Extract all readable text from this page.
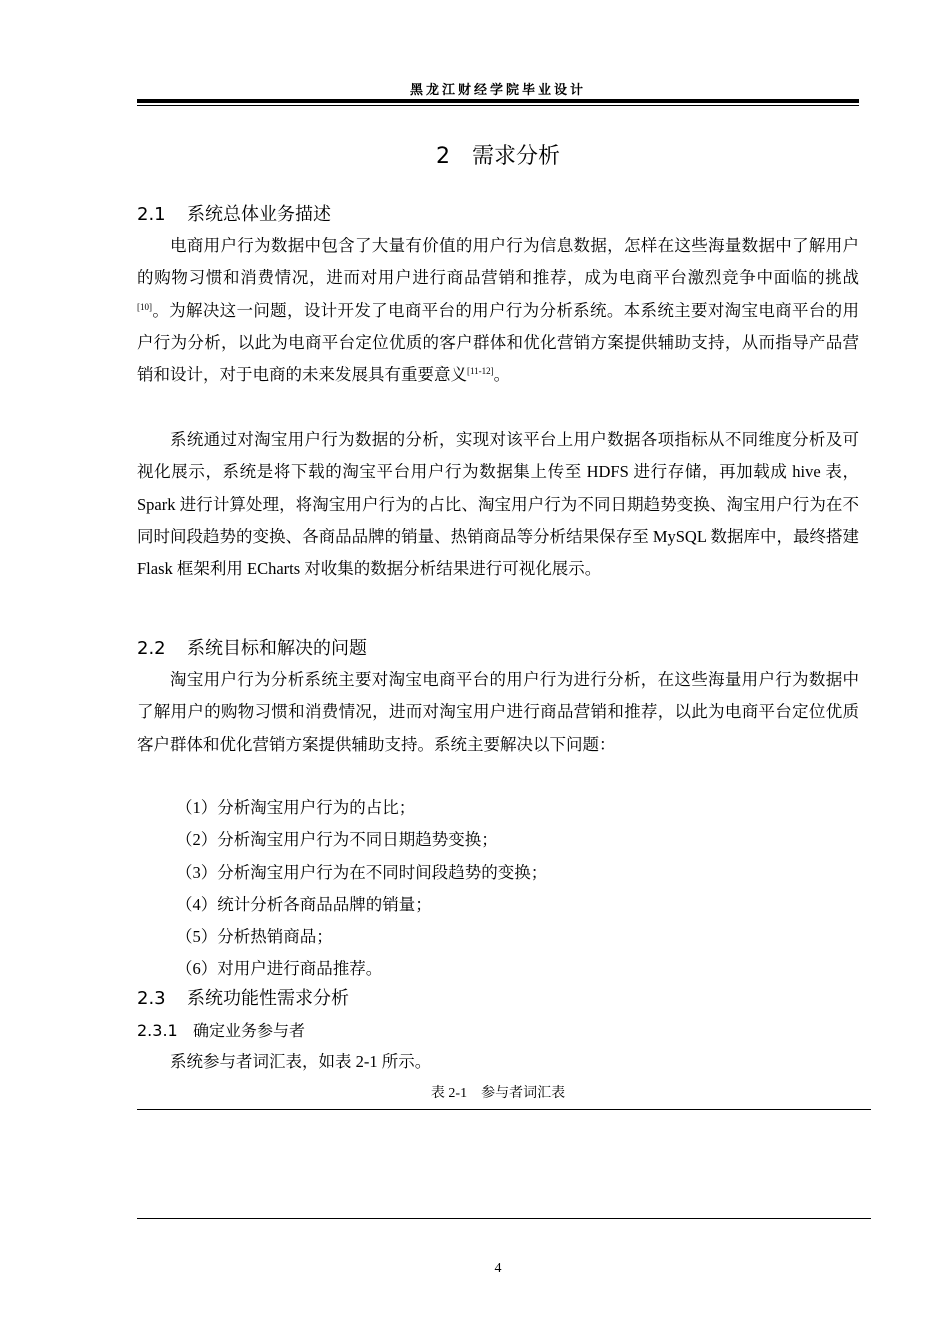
黑龙江财经学院毕业设计
2 需求分析
2.1 系统总体业务描述

电商用户行为数据中包含了大量有价值的用户行为信息数据，怎样在这些海量数据中了解用户的购物习惯和消费情况，进而对用户进行商品营销和推荐，成为电商平台激烈竞争中面临的挑战[10]。为解决这一问题，设计开发了电商平台的用户行为分析系统。本系统主要对淘宝电商平台的用户行为分析，以此为电商平台定位优质的客户群体和优化营销方案提供辅助支持，从而指导产品营销和设计，对于电商的未来发展具有重要意义[11-12]。

系统通过对淘宝用户行为数据的分析，实现对该平台上用户数据各项指标从不同维度分析及可视化展示，系统是将下载的淘宝平台用户行为数据集上传至 HDFS 进行存储，再加载成 hive 表，Spark 进行计算处理，将淘宝用户行为的占比、淘宝用户行为不同日期趋势变换、淘宝用户行为在不同时间段趋势的变换、各商品品牌的销量、热销商品等分析结果保存至 MySQL 数据库中，最终搭建 Flask 框架利用 ECharts 对收集的数据分析结果进行可视化展示。

2.2 系统目标和解决的问题

淘宝用户行为分析系统主要对淘宝电商平台的用户行为进行分析，在这些海量用户行为数据中了解用户的购物习惯和消费情况，进而对淘宝用户进行商品营销和推荐，以此为电商平台定位优质客户群体和优化营销方案提供辅助支持。系统主要解决以下问题：

（1）分析淘宝用户行为的占比；
（2）分析淘宝用户行为不同日期趋势变换；
（3）分析淘宝用户行为在不同时间段趋势的变换；
（4）统计分析各商品品牌的销量；
（5）分析热销商品；
（6）对用户进行商品推荐。
2.3 系统功能性需求分析
2.3.1 确定业务参与者

系统参与者词汇表，如表 2-1 所示。

表 2-1　参与者词汇表
4
